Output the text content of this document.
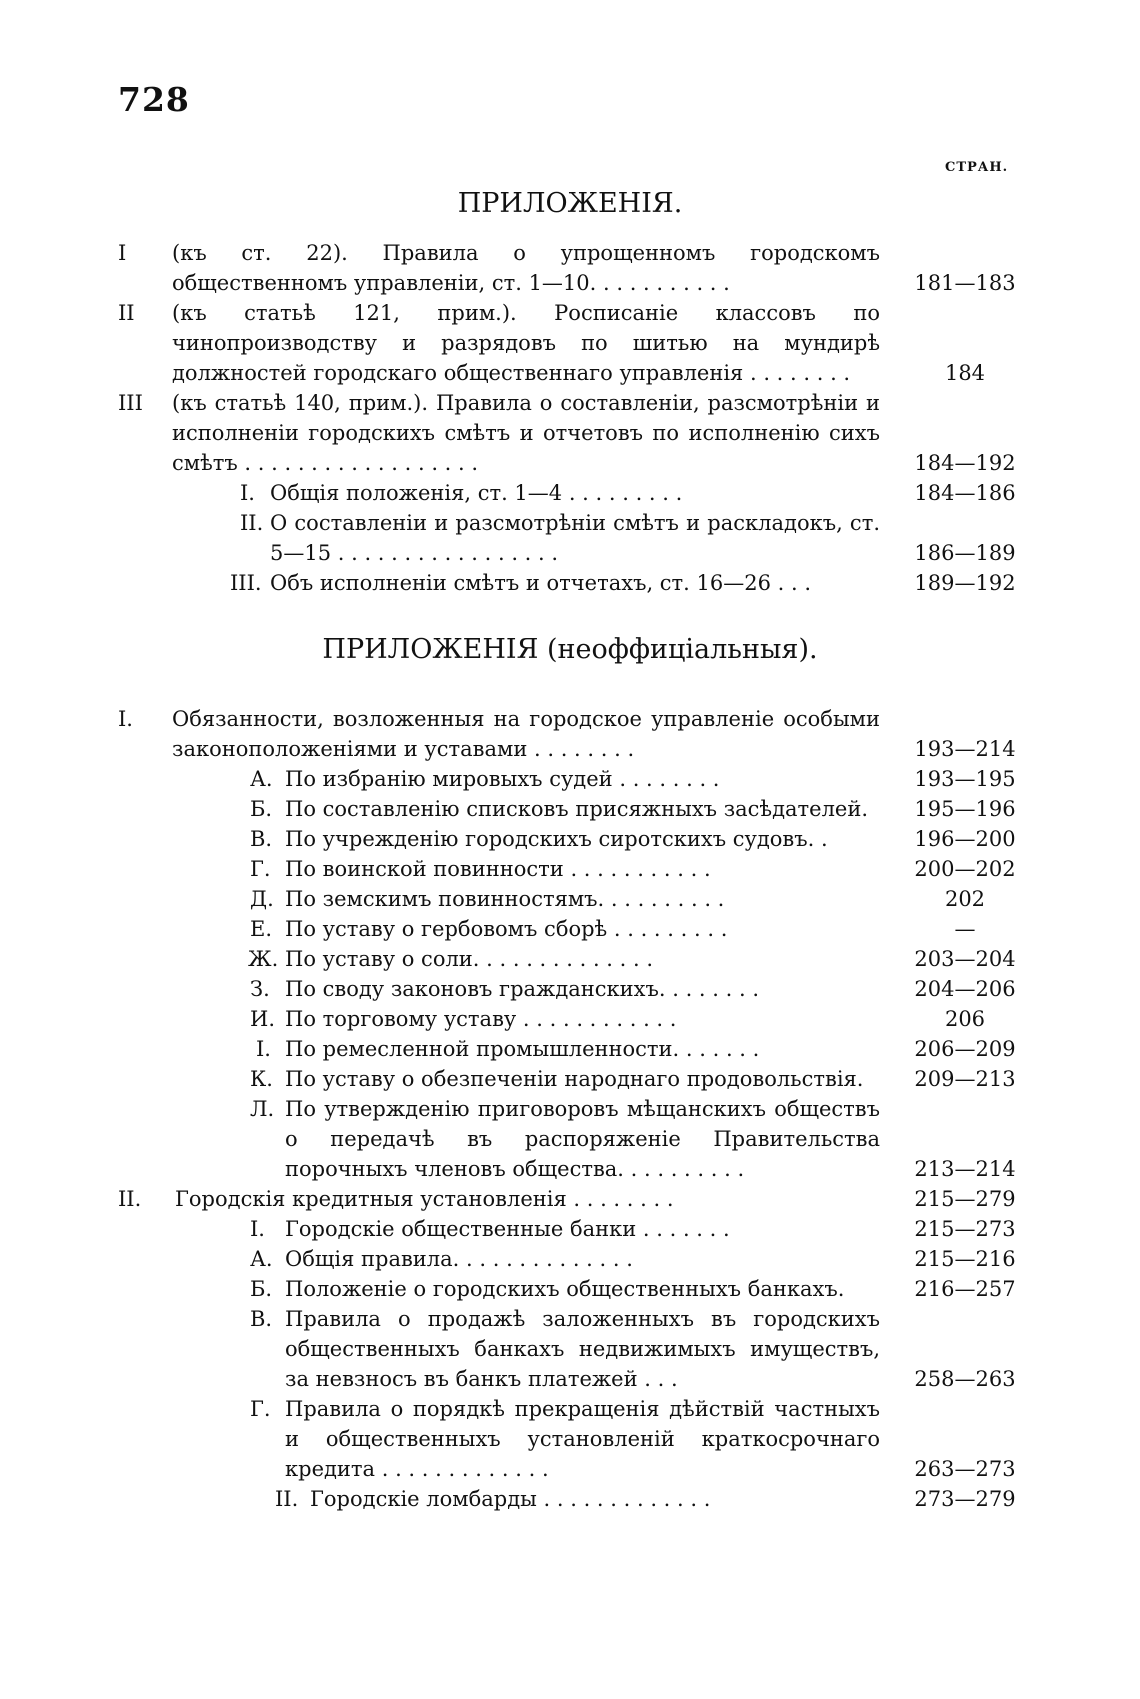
728
СТРАН.
ПРИЛОЖЕНІЯ.
I (къ ст. 22). Правила о упрощенномъ городскомъ общественномъ управленіи, ст. 1—10. . . . . . . . . . .	181—183
II (къ статьѣ 121, прим.). Росписаніе классовъ по чинопроизводству и разрядовъ по шитью на мундирѣ должностей городскаго общественнаго управленія . . . . . . . .	184
III (къ статьѣ 140, прим.). Правила о составленіи, разсмотрѣніи и исполненіи городскихъ смѣтъ и отчетовъ по исполненію сихъ смѣтъ . . . . . . . . . . . . . . . . . .	184—192
I. Общія положенія, ст. 1—4 . . . . . . . . .	184—186
II. О составленіи и разсмотрѣніи смѣтъ и раскладокъ, ст. 5—15 . . . . . . . . . . . . . . . . .	186—189
III. Объ исполненіи смѣтъ и отчетахъ, ст. 16—26 . . .	189—192
ПРИЛОЖЕНІЯ (неоффиціальныя).
I. Обязанности, возложенныя на городское управленіе особыми законоположеніями и уставами . . . . . . . .	193—214
А. По избранію мировыхъ судей . . . . . . . .	193—195
Б. По составленію списковъ присяжныхъ засѣдателей.	195—196
В. По учрежденію городскихъ сиротскихъ судовъ. .	196—200
Г. По воинской повинности . . . . . . . . . . .	200—202
Д. По земскимъ повинностямъ. . . . . . . . . .	202
Е. По уставу о гербовомъ сборѣ . . . . . . . . .	—
Ж. По уставу о соли. . . . . . . . . . . . . .	203—204
З. По своду законовъ гражданскихъ. . . . . . . .	204—206
И. По торговому уставу . . . . . . . . . . . .	206
І. По ремесленной промышленности. . . . . . .	206—209
К. По уставу о обезпеченіи народнаго продовольствія.	209—213
Л. По утвержденію приговоровъ мѣщанскихъ обществъ о передачѣ въ распоряженіе Правительства порочныхъ членовъ общества. . . . . . . . . .	213—214
II. Городскія кредитныя установленія . . . . . . . .	215—279
I. Городскіе общественные банки . . . . . . .	215—273
А. Общія правила. . . . . . . . . . . . . .	215—216
Б. Положеніе о городскихъ общественныхъ банкахъ.	216—257
В. Правила о продажѣ заложенныхъ въ городскихъ общественныхъ банкахъ недвижимыхъ имуществъ, за невзносъ въ банкъ платежей . . .	258—263
Г. Правила о порядкѣ прекращенія дѣйствій частныхъ и общественныхъ установленій краткосрочнаго кредита . . . . . . . . . . . . .	263—273
II. Городскіе ломбарды . . . . . . . . . . . . .	273—279
